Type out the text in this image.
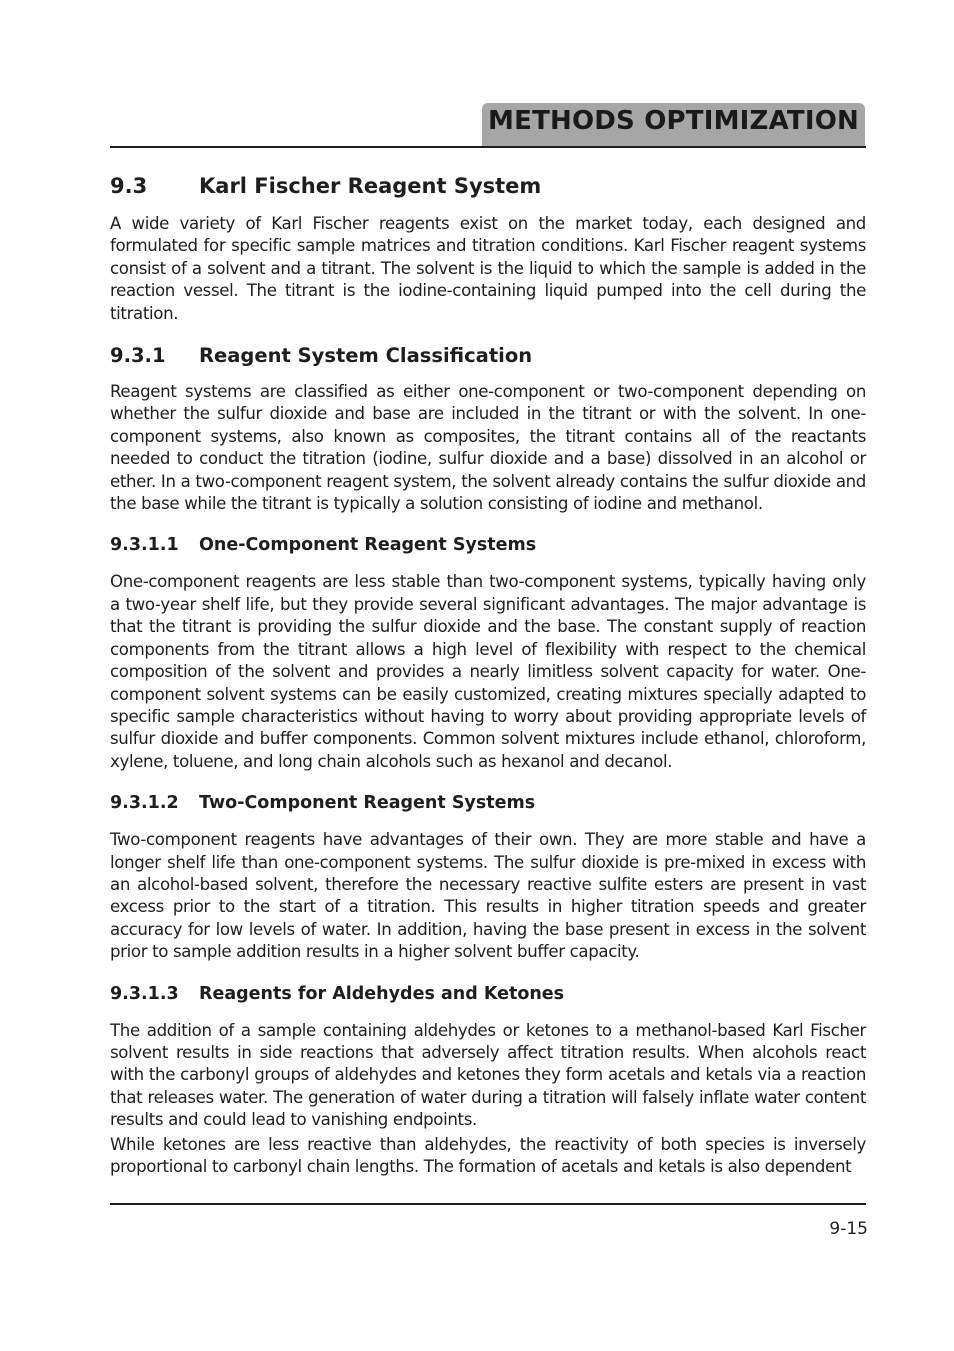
METHODS OPTIMIZATION
9.3	Karl Fischer Reagent System

A wide variety of Karl Fischer reagents exist on the market today, each designed and formulated for specific sample matrices and titration conditions. Karl Fischer reagent systems consist of a solvent and a titrant. The solvent is the liquid to which the sample is added in the reaction vessel. The titrant is the iodine-containing liquid pumped into the cell during the titration.

9.3.1	Reagent System Classification

Reagent systems are classified as either one-component or two-component depending on whether the sulfur dioxide and base are included in the titrant or with the solvent. In one-component systems, also known as composites, the titrant contains all of the reactants needed to conduct the titration (iodine, sulfur dioxide and a base) dissolved in an alcohol or ether. In a two-component reagent system, the solvent already contains the sulfur dioxide and the base while the titrant is typically a solution consisting of iodine and methanol.

9.3.1.1	One-Component Reagent Systems

One-component reagents are less stable than two-component systems, typically having only a two-year shelf life, but they provide several significant advantages. The major advantage is that the titrant is providing the sulfur dioxide and the base. The constant supply of reaction components from the titrant allows a high level of flexibility with respect to the chemical composition of the solvent and provides a nearly limitless solvent capacity for water. One-component solvent systems can be easily customized, creating mixtures specially adapted to specific sample characteristics without having to worry about providing appropriate levels of sulfur dioxide and buffer components. Common solvent mixtures include ethanol, chloroform, xylene, toluene, and long chain alcohols such as hexanol and decanol.

9.3.1.2	Two-Component Reagent Systems

Two-component reagents have advantages of their own. They are more stable and have a longer shelf life than one-component systems. The sulfur dioxide is pre-mixed in excess with an alcohol-based solvent, therefore the necessary reactive sulfite esters are present in vast excess prior to the start of a titration. This results in higher titration speeds and greater accuracy for low levels of water. In addition, having the base present in excess in the solvent prior to sample addition results in a higher solvent buffer capacity.

9.3.1.3	Reagents for Aldehydes and Ketones

The addition of a sample containing aldehydes or ketones to a methanol-based Karl Fischer solvent results in side reactions that adversely affect titration results. When alcohols react with the carbonyl groups of aldehydes and ketones they form acetals and ketals via a reaction that releases water. The generation of water during a titration will falsely inflate water content results and could lead to vanishing endpoints.

While ketones are less reactive than aldehydes, the reactivity of both species is inversely proportional to carbonyl chain lengths. The formation of acetals and ketals is also dependent

9-15
